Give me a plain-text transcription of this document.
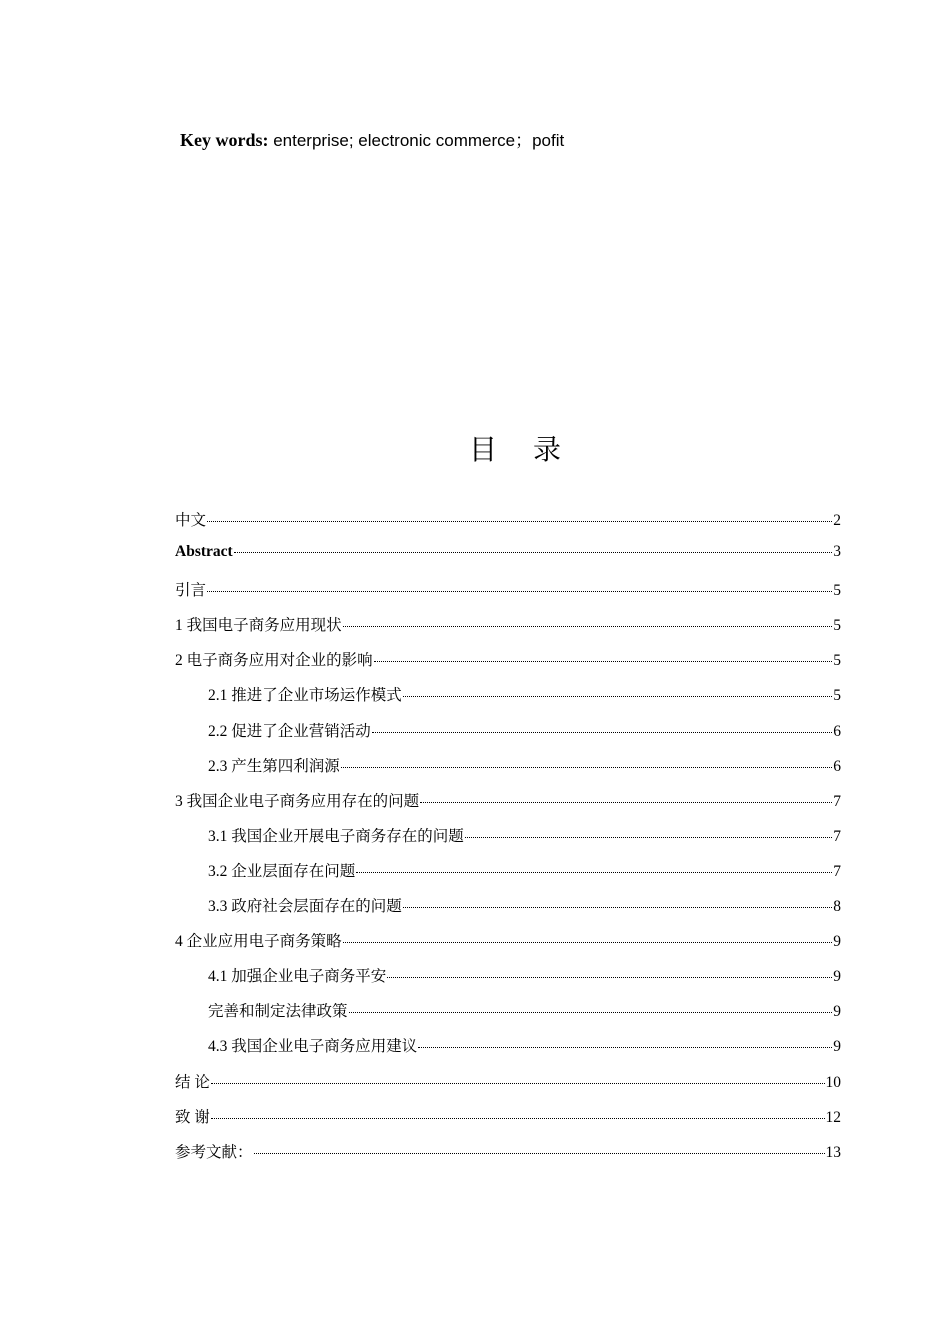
Key words: enterprise; electronic commerce；pofit
目 录
中文	2
Abstract	3
引言	5
1 我国电子商务应用现状	5
2 电子商务应用对企业的影响	5
2.1 推进了企业市场运作模式	5
2.2 促进了企业营销活动	6
2.3 产生第四利润源	6
3 我国企业电子商务应用存在的问题	7
3.1 我国企业开展电子商务存在的问题	7
3.2 企业层面存在问题	7
3.3 政府社会层面存在的问题	8
4 企业应用电子商务策略	9
4.1 加强企业电子商务平安	9
完善和制定法律政策	9
4.3 我国企业电子商务应用建议	9
结 论	10
致 谢	12
参考文献：	13
